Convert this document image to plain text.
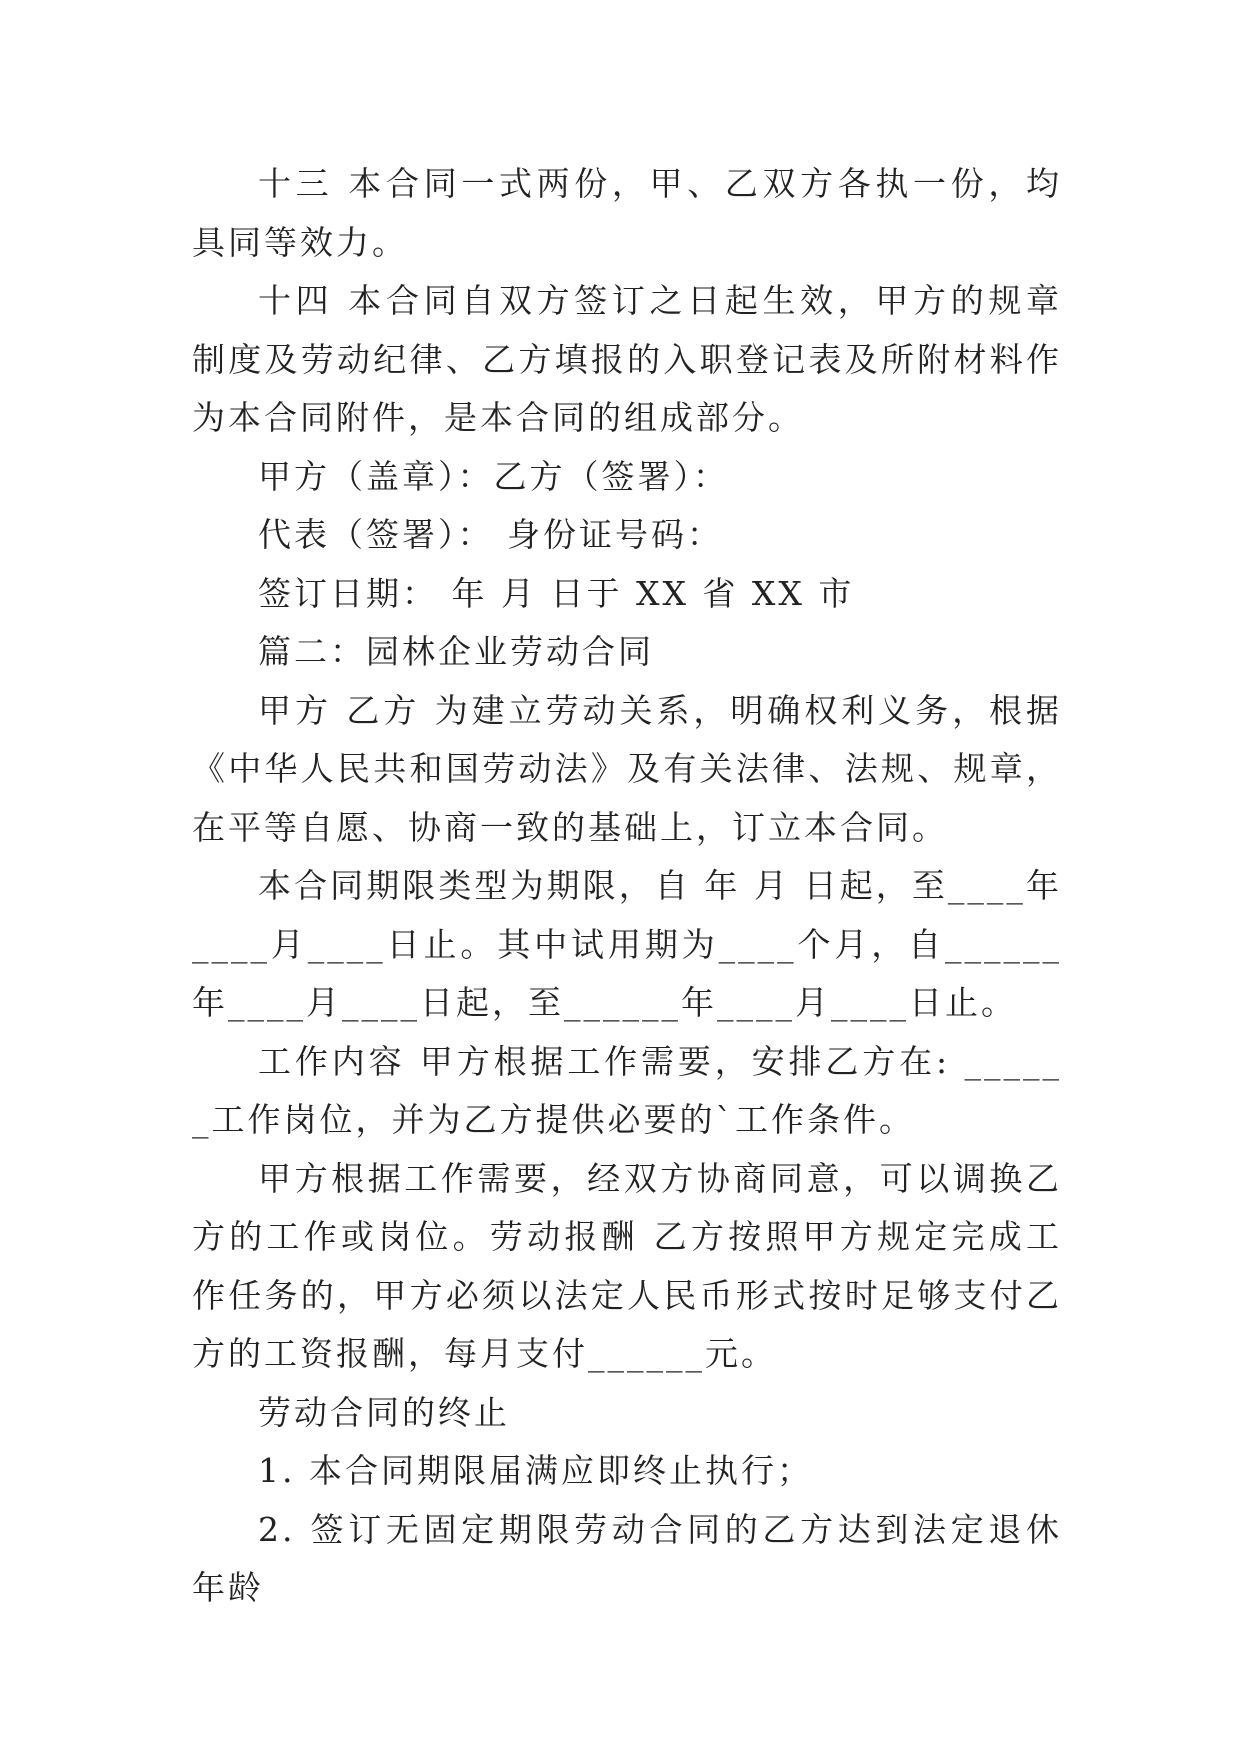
十三 本合同一式两份，甲、乙双方各执一份，均具同等效力。

十四 本合同自双方签订之日起生效，甲方的规章制度及劳动纪律、乙方填报的入职登记表及所附材料作为本合同附件，是本合同的组成部分。

甲方（盖章）：乙方（签署）：

代表（签署）： 身份证号码：

签订日期： 年 月 日于 XX 省 XX 市

篇二：园林企业劳动合同

甲方 乙方 为建立劳动关系，明确权利义务，根据《中华人民共和国劳动法》及有关法律、法规、规章，在平等自愿、协商一致的基础上，订立本合同。

本合同期限类型为期限，自 年 月 日起，至____年____月____日止。其中试用期为____个月，自______年____月____日起，至______年____月____日止。

工作内容 甲方根据工作需要，安排乙方在: ______工作岗位，并为乙方提供必要的`工作条件。

甲方根据工作需要，经双方协商同意，可以调换乙方的工作或岗位。劳动报酬 乙方按照甲方规定完成工作任务的，甲方必须以法定人民币形式按时足够支付乙方的工资报酬，每月支付______元。

劳动合同的终止

1. 本合同期限届满应即终止执行；

2. 签订无固定期限劳动合同的乙方达到法定退休年龄
